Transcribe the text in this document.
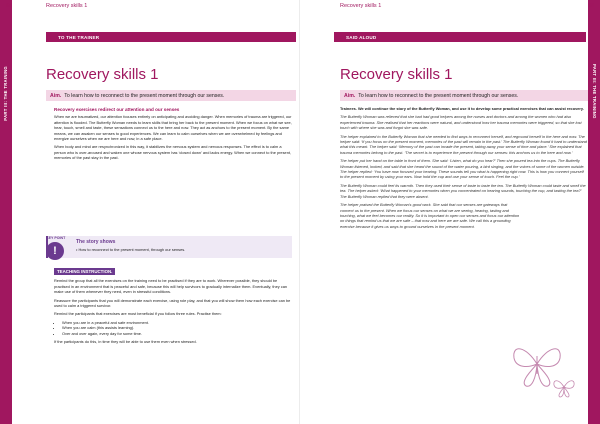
PART III: THE TRAINING
94	Recovery skills 1
TO THE TRAINER
Recovery skills 1
Aim. To learn how to reconnect to the present moment through our senses.
Recovery exercises redirect our attention and our senses

When we are traumatized, our attention focuses entirely on anticipating and avoiding danger. When memories of trauma are triggered, our attention is flooded. The Butterfly Woman needs to learn skills that bring her back to the present moment. When we focus on what we see, hear, touch, smell and taste, these sensations connect us to the here and now. They act as anchors to the present moment. By the same means, we can awaken our senses to good experiences. We can learn to calm ourselves when we are overwhelmed by feelings and energize ourselves when we are here and now, in a safe place.

When body and mind are resynchronized in this way, it stabilizes the nervous system and nervous responses. The effect is to calm a person who is over-aroused and waken one whose nervous system has ‘closed down’ and lacks energy. When we connect to the present, memories of the past stay in the past.

The story shows
• How to reconnect to the present moment, through our senses.
KEY POINT
!
TEACHING INSTRUCTION.

Remind the group that all the exercises on the training need to be practised if they are to work. Wherever possible, they should be practised in an environment that is peaceful and safe, because this will help survivors to gradually internalize them. Eventually, they can make use of them whenever they need, even in stressful conditions.

Reassure the participants that you will demonstrate each exercise, using role play, and that you will show them how each exercise can be used to calm a triggered survivor.

Remind the participants that exercises are most beneficial if you follow three rules. Practise them:

• When you are in a peaceful and safe environment.
• When you are calm (this assists learning).
• Over and over again, every day for some time.

If the participants do this, in time they will be able to use them even when stressed.

PART III: THE TRAINING
95
Recovery skills 1
SAID ALOUD
Recovery skills 1
Aim. To learn how to reconnect to the present moment through our senses.

Trainees. We will continue the story of the Butterfly Woman, and use it to develop some practical exercises that can assist recovery.

The Butterfly Woman was relieved that she had had good helpers among the nurses and doctors and among the women who had also experienced trauma. She realised that her reactions were natural, and understood how her trauma memories were triggered, so that she lost touch with where she was and forgot she was safe.

The helper explained to the Butterfly Woman that she needed to find ways to reconnect herself, and reground herself in the here and now. The helper said: ‘If you focus on the present moment, memories of the past will remain in the past.’ The Butterfly Woman found it hard to understand what this meant. The helper said: ‘Memory of the past can invade the present, taking away your sense of time and place.’ She explained that trauma memories belong to the past. ‘The secret is to experience the present through our senses: this anchors us to the here and now.’

The helper put her hand on the table in front of them. She said: ‘Listen, what do you hear?’ Then she poured tea into the cups. The Butterfly Woman listened, looked, and said that she heard the sound of the water pouring, a bird singing, and the voices of some of the women outside. The helper replied: ‘You have now focused your hearing. These sounds tell you what is happening right now. This is how you connect yourself to the present moment by using your ears. Now hold the cup and use your sense of touch. Feel the cup.’

The Butterfly Woman could feel its warmth. Then they used their sense of taste to taste the tea. The Butterfly Woman could taste and smell the tea. The helper asked: ‘What happened to your memories when you concentrated on hearing sounds, touching the cup, and tasting the tea?’ The Butterfly Woman replied that they were absent.

The helper praised the Butterfly Woman’s good work. She said that our senses are gateways that connect us to the present. When we focus our senses on what we are seeing, hearing, tasting and touching, what we feel becomes our reality. So it is important to open our senses and focus our attention on things that remind us that we are safe – that now and here we are safe. We call this a grounding exercise because it gives us ways to ground ourselves in the present moment.
